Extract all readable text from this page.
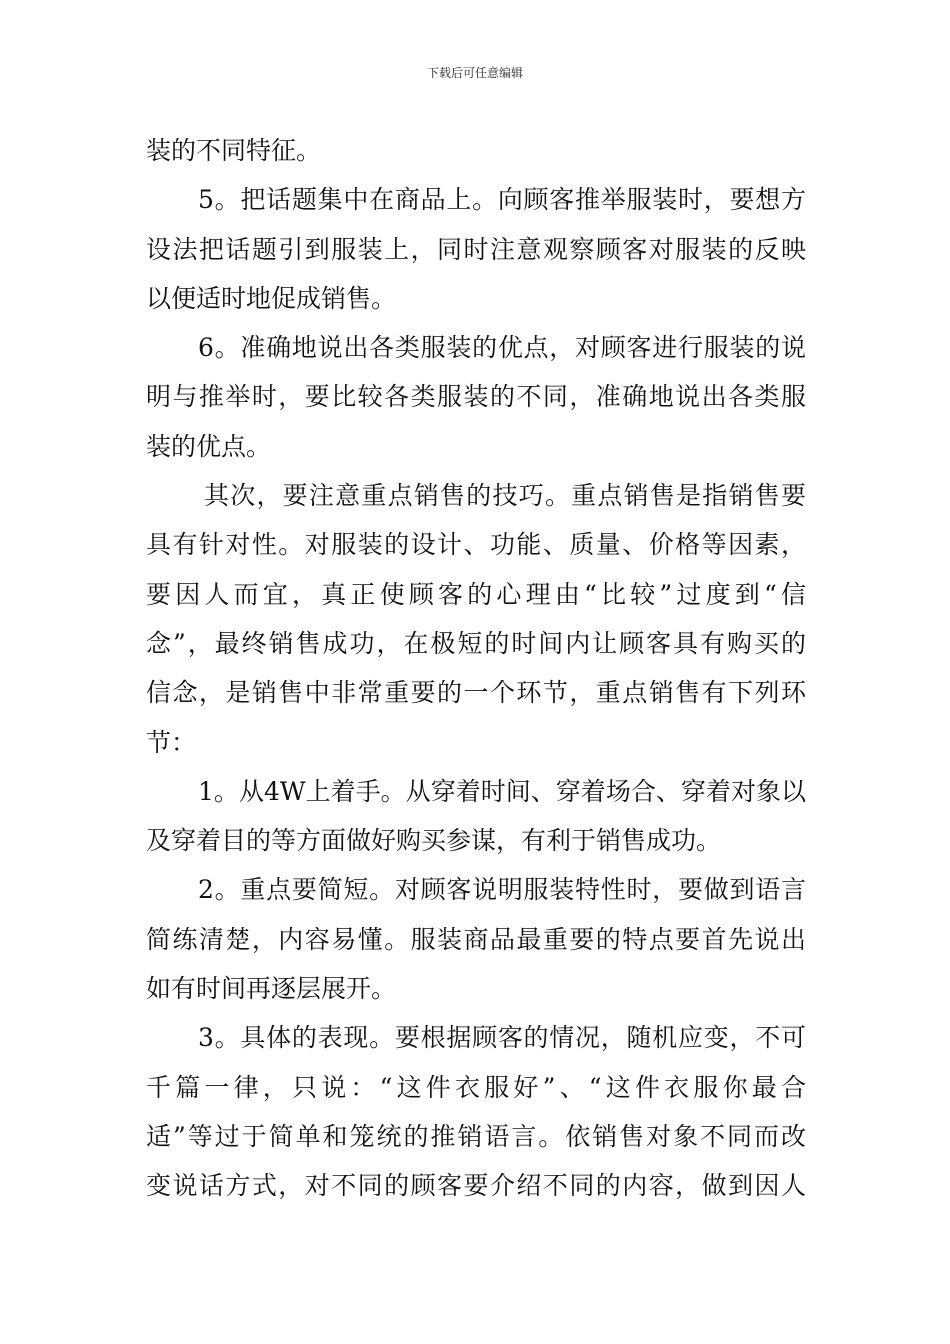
下载后可任意编辑
装的不同特征。
5。把话题集中在商品上。向顾客推举服装时，要想方
设法把话题引到服装上，同时注意观察顾客对服装的反映
以便适时地促成销售。
6。准确地说出各类服装的优点，对顾客进行服装的说
明与推举时，要比较各类服装的不同，准确地说出各类服
装的优点。
其次，要注意重点销售的技巧。重点销售是指销售要
具有针对性。对服装的设计、功能、质量、价格等因素，
要因人而宜，真正使顾客的心理由“比较”过度到“信
念”，最终销售成功，在极短的时间内让顾客具有购买的
信念，是销售中非常重要的一个环节，重点销售有下列环
节：
1。从4W上着手。从穿着时间、穿着场合、穿着对象以
及穿着目的等方面做好购买参谋，有利于销售成功。
2。重点要简短。对顾客说明服装特性时，要做到语言
简练清楚，内容易懂。服装商品最重要的特点要首先说出
如有时间再逐层展开。
3。具体的表现。要根据顾客的情况，随机应变，不可
千篇一律，只说：“这件衣服好”、“这件衣服你最合
适”等过于简单和笼统的推销语言。依销售对象不同而改
变说话方式，对不同的顾客要介绍不同的内容，做到因人
